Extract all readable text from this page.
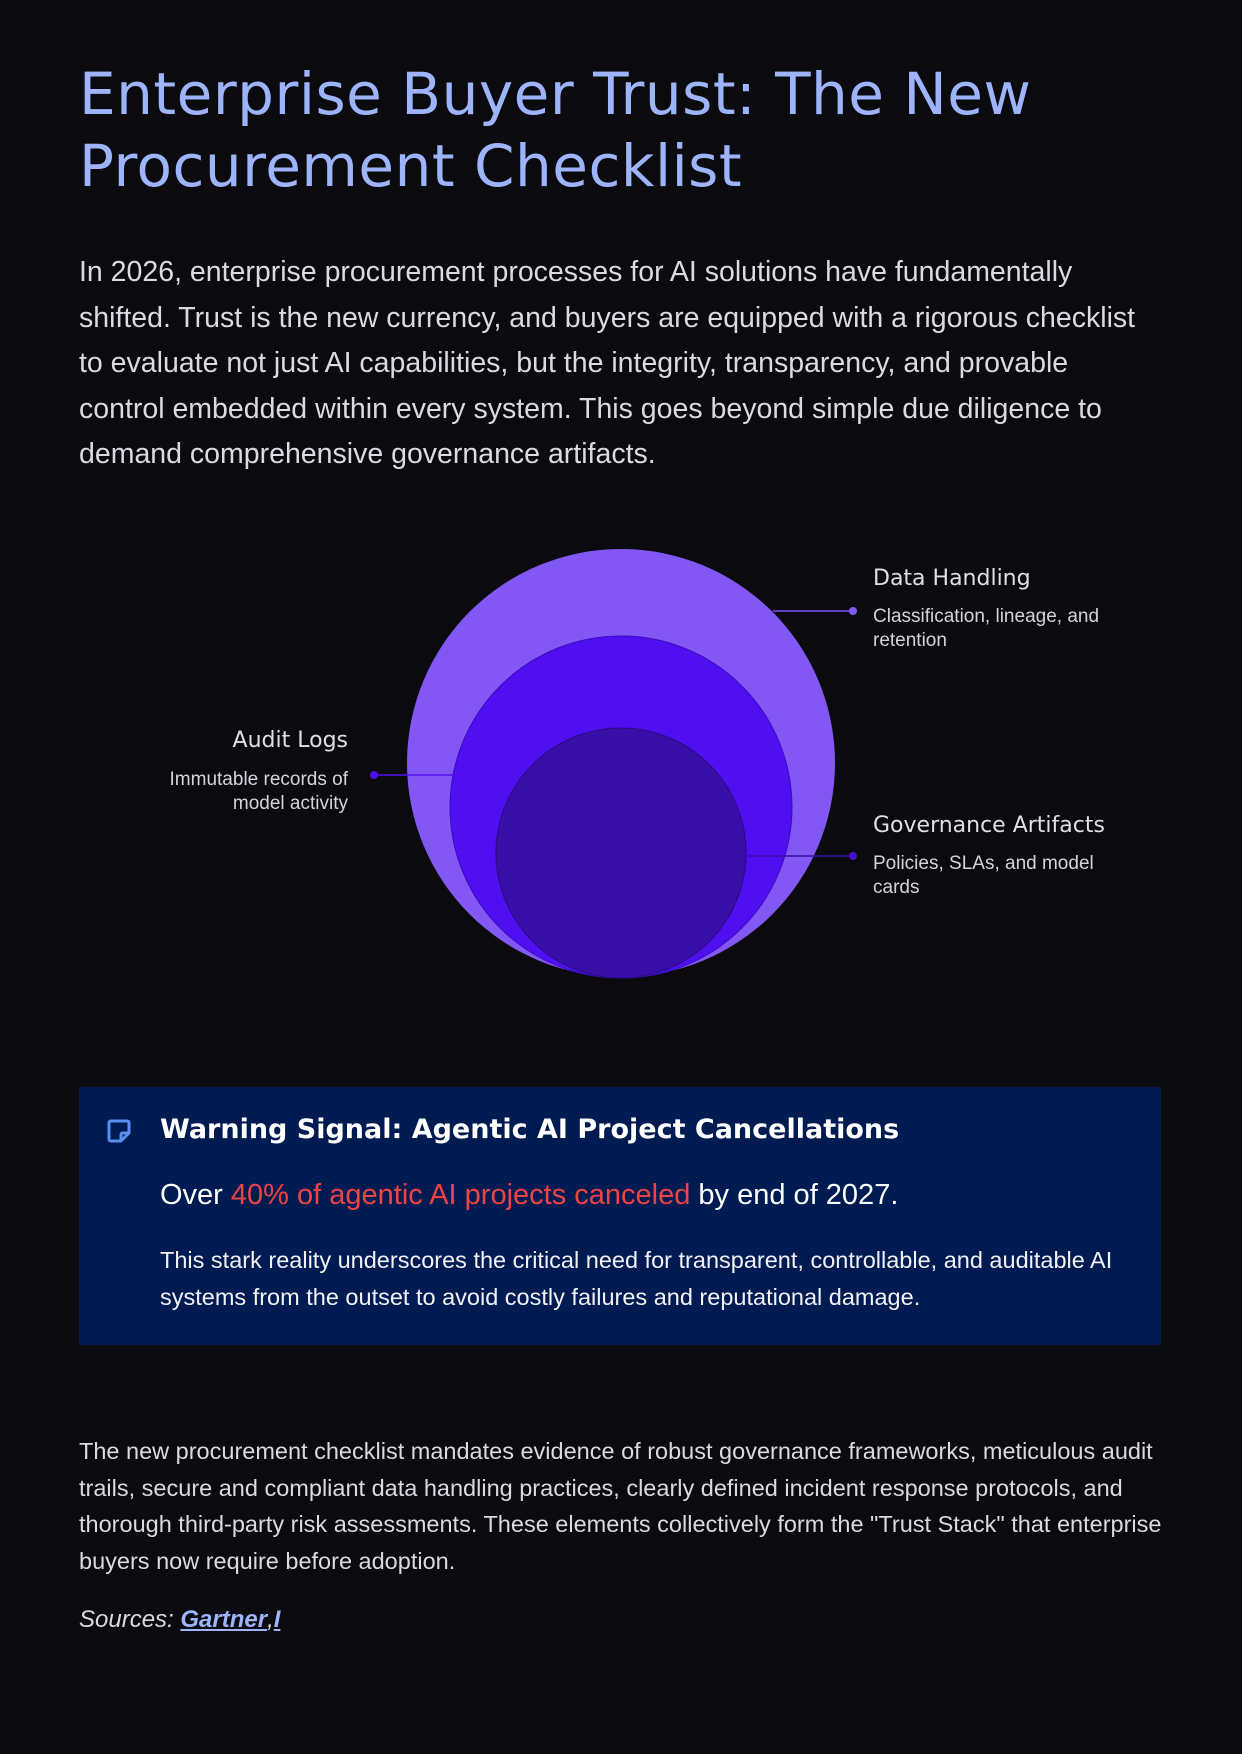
Enterprise Buyer Trust: The New Procurement Checklist

In 2026, enterprise procurement processes for AI solutions have fundamentally shifted. Trust is the new currency, and buyers are equipped with a rigorous checklist to evaluate not just AI capabilities, but the integrity, transparency, and provable control embedded within every system. This goes beyond simple due diligence to demand comprehensive governance artifacts.

Data Handling
Classification, lineage, and retention
Audit Logs
Immutable records of model activity
Governance Artifacts
Policies, SLAs, and model cards
Warning Signal: Agentic AI Project Cancellations
Over 40% of agentic AI projects canceled by end of 2027.
This stark reality underscores the critical need for transparent, controllable, and auditable AI systems from the outset to avoid costly failures and reputational damage.

The new procurement checklist mandates evidence of robust governance frameworks, meticulous audit trails, secure and compliant data handling practices, clearly defined incident response protocols, and thorough third-party risk assessments. These elements collectively form the "Trust Stack" that enterprise buyers now require before adoption.

Sources: Gartner,I
